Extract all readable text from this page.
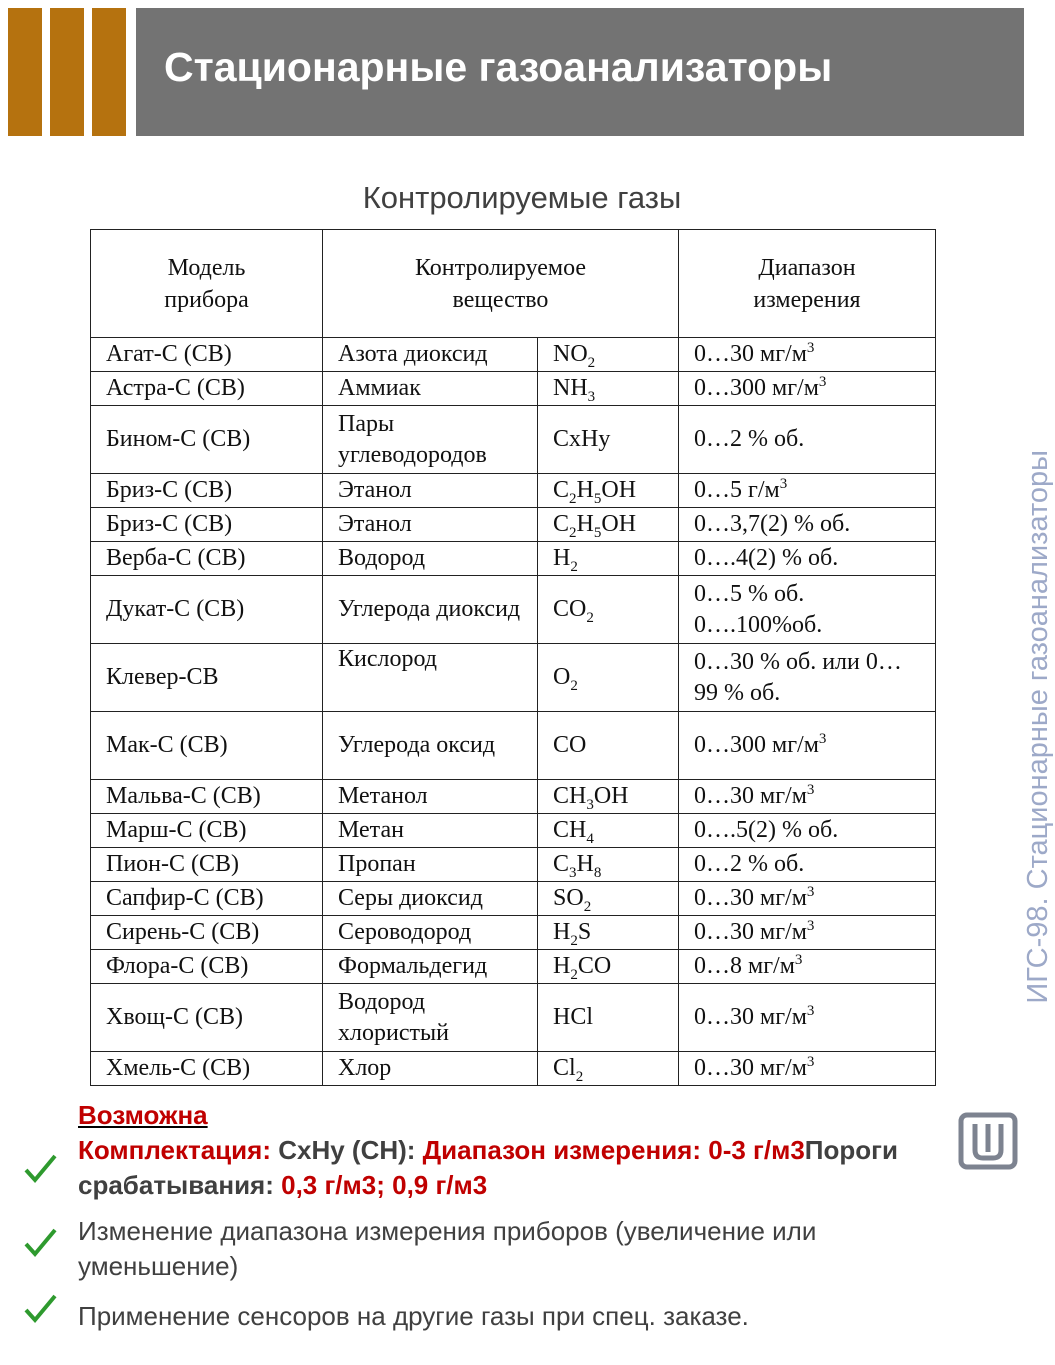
Стационарные газоанализаторы
Контролируемые газы
Модель прибора	Контролируемое вещество		Диапазон измерения

Агат-С (СВ)	Азота диоксид	$NO_2$	0…30 $мг/м^3$
Астра-С (СВ)	Аммиак	$NH_3$	0…300 $мг/м^3$
Бином-С (СВ)	Пары углеводородов	CxHy	0…2 % об.
Бриз-С (СВ)	Этанол	$C_2H_5OH$	0…5 $г/м^3$
Бриз-С (СВ)	Этанол	$C_2H_5OH$	0…3,7(2) % об.
Верба-С (СВ)	Водород	$H_2$	0….4(2) % об.
Дукат-С (СВ)	Углерода диоксид	$CO_2$	0…5 % об. 0….100%об.

Клевер-СВ	Кислород	$O_2$	0…30 % об. или 0…99 % об.

Мак-С (СВ)	Углерода оксид	CO	0…300 $мг/м^3$
Мальва-С (СВ)	Метанол	$CH_3OH$	0…30 $мг/м^3$
Марш-С (СВ)	Метан	$CH_4$	0….5(2) % об.
Пион-С (СВ)	Пропан	$C_3H_8$	0…2 % об.
Сапфир-С (СВ)	Серы диоксид	$SO_2$	0…30 $мг/м^3$
Сирень-С (СВ)	Сероводород	$H_2S$	0…30 $мг/м^3$
Флора-С (СВ)	Формальдегид	$H_2CO$	0…8 $мг/м^3$
Хвощ-С (СВ)	Водород хлористый	HCl	0…30 $мг/м^3$
Хмель-С (СВ)	Хлор	$Cl_2$	0…30 $мг/м^3$
ИГС-98. Стационарные газоанализаторы
Возможна
Комплектация: CxHy (CH): Диапазон измерения: 0-3 г/м3Пороги срабатывания: 0,3 г/м3; 0,9 г/м3
Изменение диапазона измерения приборов (увеличение или уменьшение)
Применение сенсоров на другие газы при спец. заказе.
